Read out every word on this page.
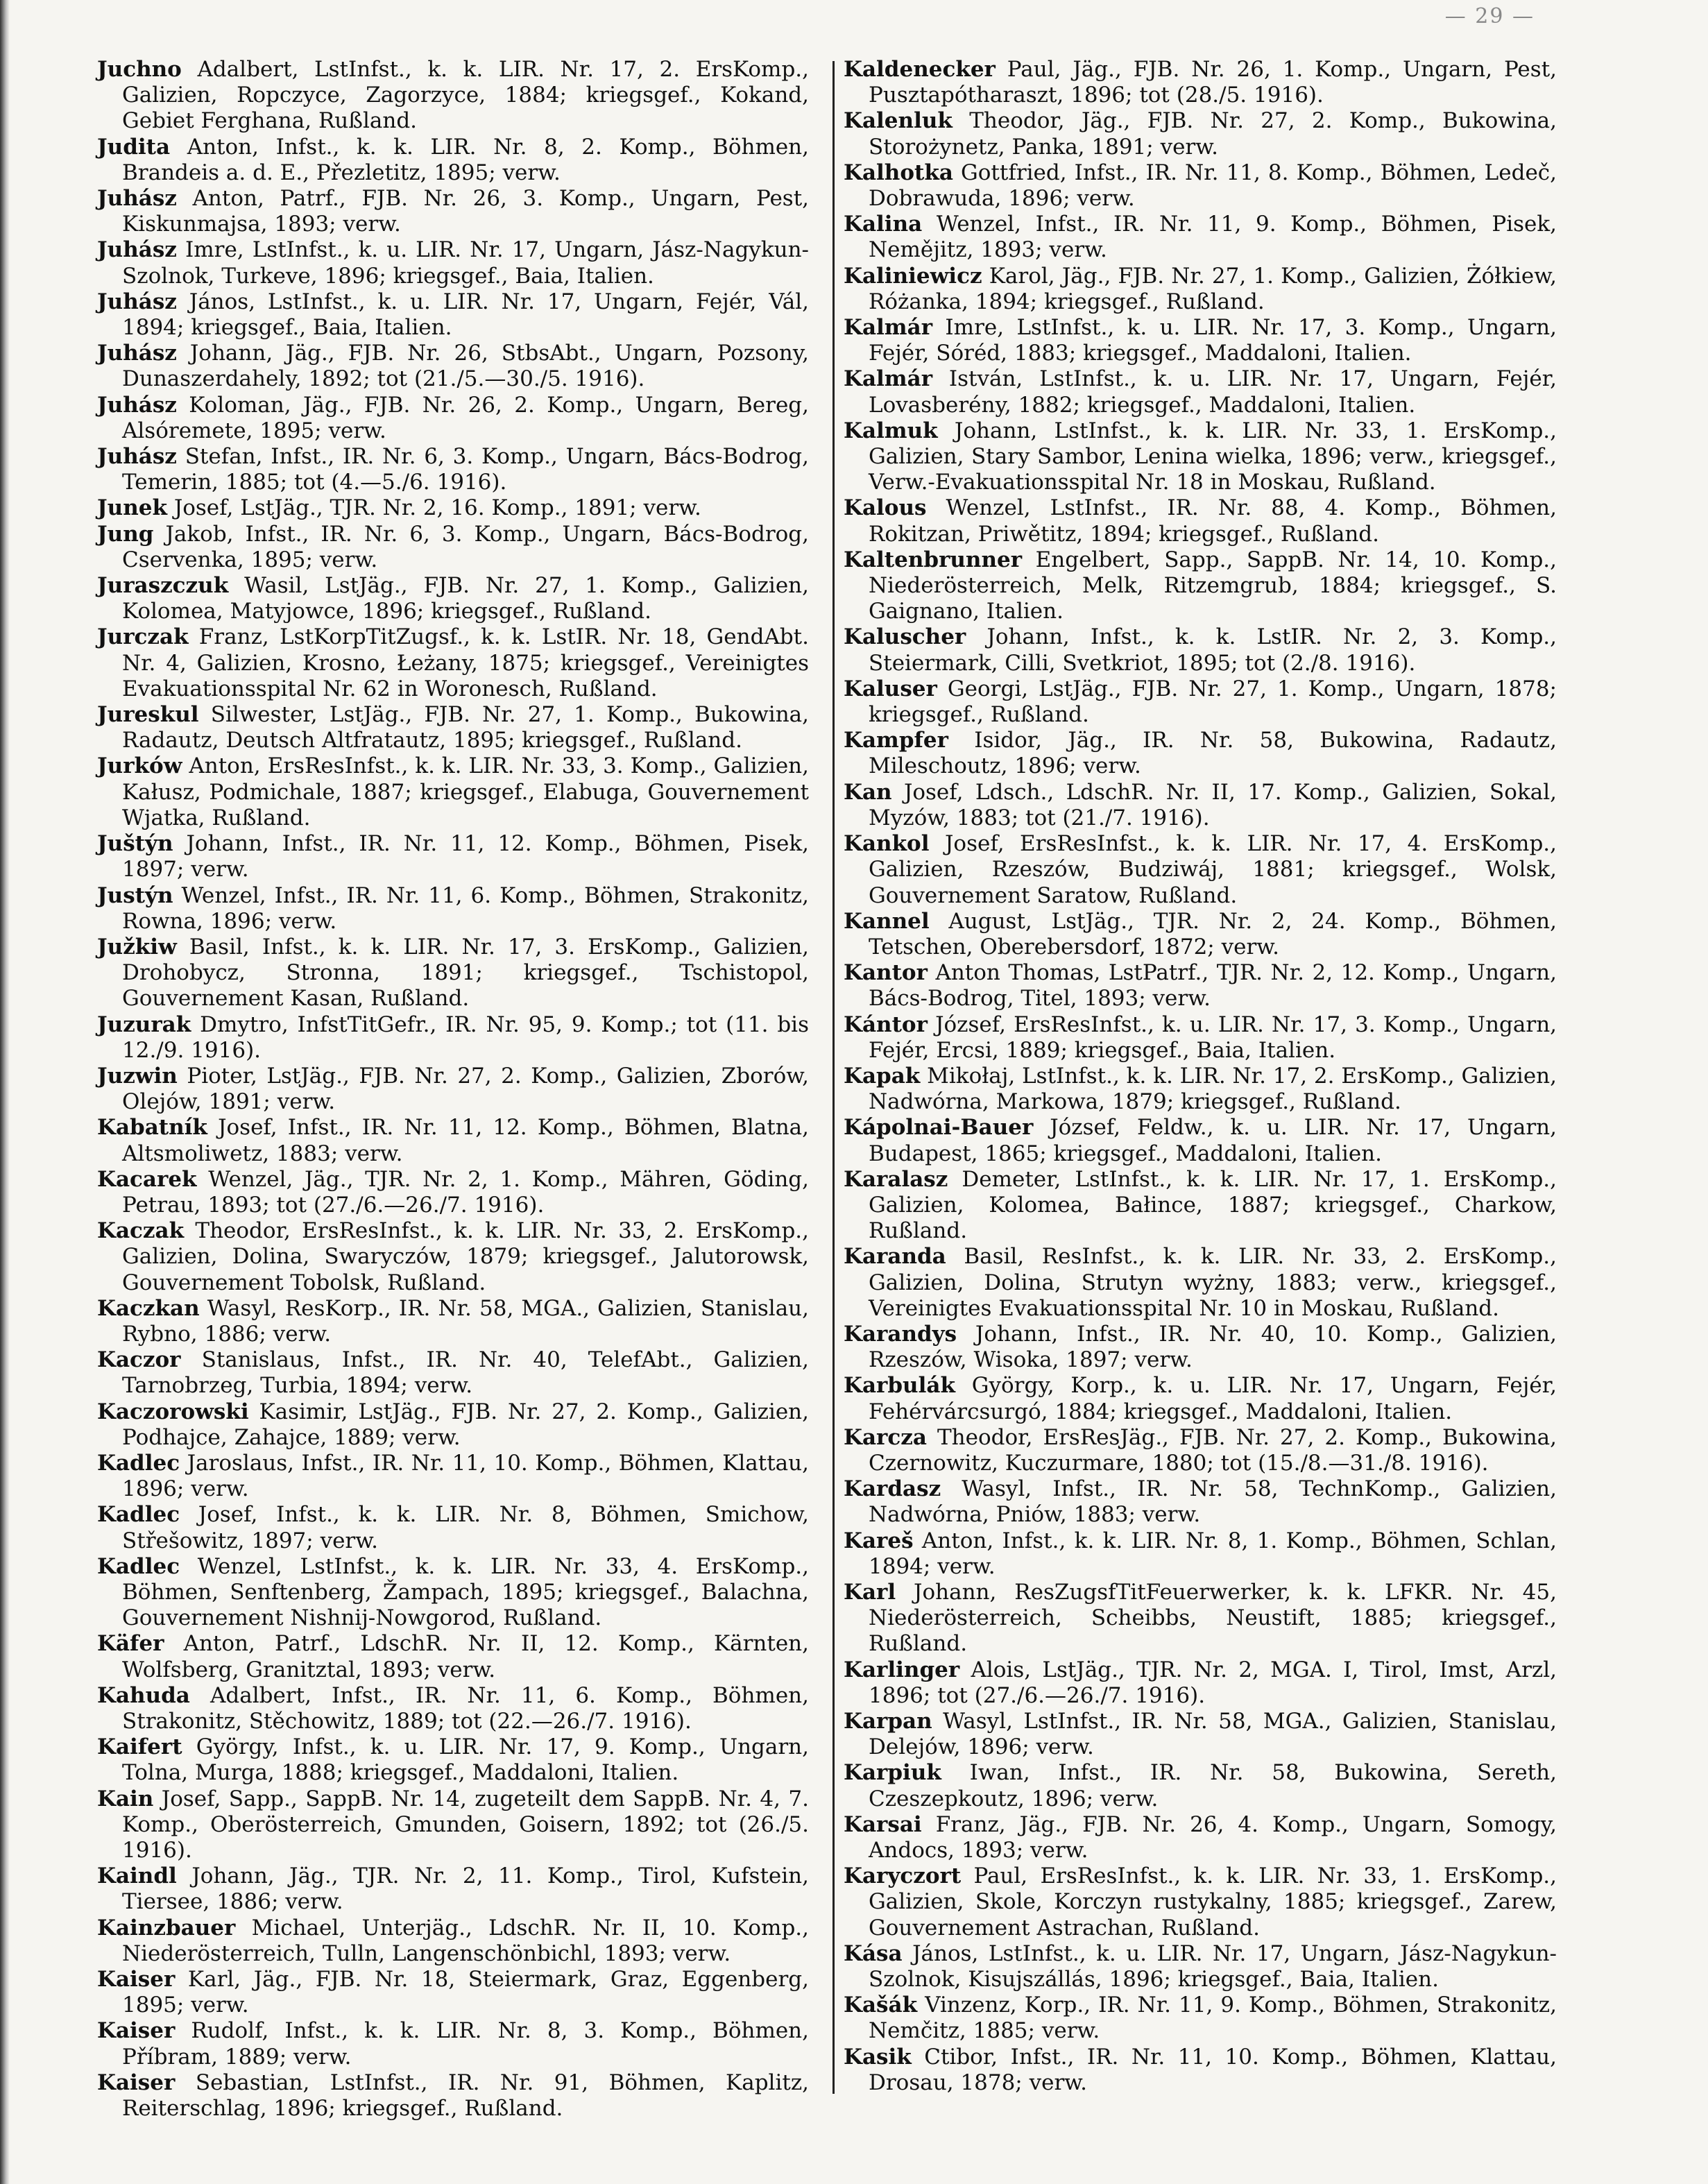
— 29 —

Juchno Adalbert, LstInfst., k. k. LIR. Nr. 17, 2. ErsKomp., Galizien, Ropczyce, Zagorzyce, 1884; kriegsgef., Kokand, Gebiet Ferghana, Rußland.

Judita Anton, Infst., k. k. LIR. Nr. 8, 2. Komp., Böhmen, Brandeis a. d. E., Přezletitz, 1895; verw.

Juhász Anton, Patrf., FJB. Nr. 26, 3. Komp., Ungarn, Pest, Kiskunmajsa, 1893; verw.

Juhász Imre, LstInfst., k. u. LIR. Nr. 17, Ungarn, Jász-Nagykun-Szolnok, Turkeve, 1896; kriegsgef., Baia, Italien.

Juhász János, LstInfst., k. u. LIR. Nr. 17, Ungarn, Fejér, Vál, 1894; kriegsgef., Baia, Italien.

Juhász Johann, Jäg., FJB. Nr. 26, StbsAbt., Ungarn, Pozsony, Dunaszerdahely, 1892; tot (21./5.—30./5. 1916).

Juhász Koloman, Jäg., FJB. Nr. 26, 2. Komp., Ungarn, Bereg, Alsóremete, 1895; verw.

Juhász Stefan, Infst., IR. Nr. 6, 3. Komp., Ungarn, Bács-Bodrog, Temerin, 1885; tot (4.—5./6. 1916).

Junek Josef, LstJäg., TJR. Nr. 2, 16. Komp., 1891; verw.

Jung Jakob, Infst., IR. Nr. 6, 3. Komp., Ungarn, Bács-Bodrog, Cservenka, 1895; verw.

Juraszczuk Wasil, LstJäg., FJB. Nr. 27, 1. Komp., Galizien, Kolomea, Matyjowce, 1896; kriegsgef., Rußland.

Jurczak Franz, LstKorpTitZugsf., k. k. LstIR. Nr. 18, GendAbt. Nr. 4, Galizien, Krosno, Łeżany, 1875; kriegsgef., Vereinigtes Evakuationsspital Nr. 62 in Woronesch, Rußland.

Jureskul Silwester, LstJäg., FJB. Nr. 27, 1. Komp., Bukowina, Radautz, Deutsch Altfratautz, 1895; kriegsgef., Rußland.

Jurków Anton, ErsResInfst., k. k. LIR. Nr. 33, 3. Komp., Galizien, Kałusz, Podmichale, 1887; kriegsgef., Elabuga, Gouvernement Wjatka, Rußland.

Juštýn Johann, Infst., IR. Nr. 11, 12. Komp., Böhmen, Pisek, 1897; verw.

Justýn Wenzel, Infst., IR. Nr. 11, 6. Komp., Böhmen, Strakonitz, Rowna, 1896; verw.

Južkiw Basil, Infst., k. k. LIR. Nr. 17, 3. ErsKomp., Galizien, Drohobycz, Stronna, 1891; kriegsgef., Tschistopol, Gouvernement Kasan, Rußland.

Juzurak Dmytro, InfstTitGefr., IR. Nr. 95, 9. Komp.; tot (11. bis 12./9. 1916).

Juzwin Pioter, LstJäg., FJB. Nr. 27, 2. Komp., Galizien, Zborów, Olejów, 1891; verw.

Kabatník Josef, Infst., IR. Nr. 11, 12. Komp., Böhmen, Blatna, Altsmoliwetz, 1883; verw.

Kacarek Wenzel, Jäg., TJR. Nr. 2, 1. Komp., Mähren, Göding, Petrau, 1893; tot (27./6.—26./7. 1916).

Kaczak Theodor, ErsResInfst., k. k. LIR. Nr. 33, 2. ErsKomp., Galizien, Dolina, Swaryczów, 1879; kriegsgef., Jalutorowsk, Gouvernement Tobolsk, Rußland.

Kaczkan Wasyl, ResKorp., IR. Nr. 58, MGA., Galizien, Stanislau, Rybno, 1886; verw.

Kaczor Stanislaus, Infst., IR. Nr. 40, TelefAbt., Galizien, Tarnobrzeg, Turbia, 1894; verw.

Kaczorowski Kasimir, LstJäg., FJB. Nr. 27, 2. Komp., Galizien, Podhajce, Zahajce, 1889; verw.

Kadlec Jaroslaus, Infst., IR. Nr. 11, 10. Komp., Böhmen, Klattau, 1896; verw.

Kadlec Josef, Infst., k. k. LIR. Nr. 8, Böhmen, Smichow, Střešowitz, 1897; verw.

Kadlec Wenzel, LstInfst., k. k. LIR. Nr. 33, 4. ErsKomp., Böhmen, Senftenberg, Žampach, 1895; kriegsgef., Balachna, Gouvernement Nishnij-Nowgorod, Rußland.

Käfer Anton, Patrf., LdschR. Nr. II, 12. Komp., Kärnten, Wolfsberg, Granitztal, 1893; verw.

Kahuda Adalbert, Infst., IR. Nr. 11, 6. Komp., Böhmen, Strakonitz, Stěchowitz, 1889; tot (22.—26./7. 1916).

Kaifert György, Infst., k. u. LIR. Nr. 17, 9. Komp., Ungarn, Tolna, Murga, 1888; kriegsgef., Maddaloni, Italien.

Kain Josef, Sapp., SappB. Nr. 14, zugeteilt dem SappB. Nr. 4, 7. Komp., Oberösterreich, Gmunden, Goisern, 1892; tot (26./5. 1916).

Kaindl Johann, Jäg., TJR. Nr. 2, 11. Komp., Tirol, Kufstein, Tiersee, 1886; verw.

Kainzbauer Michael, Unterjäg., LdschR. Nr. II, 10. Komp., Niederösterreich, Tulln, Langenschönbichl, 1893; verw.

Kaiser Karl, Jäg., FJB. Nr. 18, Steiermark, Graz, Eggenberg, 1895; verw.

Kaiser Rudolf, Infst., k. k. LIR. Nr. 8, 3. Komp., Böhmen, Příbram, 1889; verw.

Kaiser Sebastian, LstInfst., IR. Nr. 91, Böhmen, Kaplitz, Reiterschlag, 1896; kriegsgef., Rußland.

Kaldenecker Paul, Jäg., FJB. Nr. 26, 1. Komp., Ungarn, Pest, Pusztapótharaszt, 1896; tot (28./5. 1916).

Kalenluk Theodor, Jäg., FJB. Nr. 27, 2. Komp., Bukowina, Storożynetz, Panka, 1891; verw.

Kalhotka Gottfried, Infst., IR. Nr. 11, 8. Komp., Böhmen, Ledeč, Dobrawuda, 1896; verw.

Kalina Wenzel, Infst., IR. Nr. 11, 9. Komp., Böhmen, Pisek, Nemějitz, 1893; verw.

Kaliniewicz Karol, Jäg., FJB. Nr. 27, 1. Komp., Galizien, Żółkiew, Różanka, 1894; kriegsgef., Rußland.

Kalmár Imre, LstInfst., k. u. LIR. Nr. 17, 3. Komp., Ungarn, Fejér, Sóréd, 1883; kriegsgef., Maddaloni, Italien.

Kalmár István, LstInfst., k. u. LIR. Nr. 17, Ungarn, Fejér, Lovasberény, 1882; kriegsgef., Maddaloni, Italien.

Kalmuk Johann, LstInfst., k. k. LIR. Nr. 33, 1. ErsKomp., Galizien, Stary Sambor, Lenina wielka, 1896; verw., kriegsgef., Verw.-Evakuationsspital Nr. 18 in Moskau, Rußland.

Kalous Wenzel, LstInfst., IR. Nr. 88, 4. Komp., Böhmen, Rokitzan, Priwětitz, 1894; kriegsgef., Rußland.

Kaltenbrunner Engelbert, Sapp., SappB. Nr. 14, 10. Komp., Niederösterreich, Melk, Ritzemgrub, 1884; kriegsgef., S. Gaignano, Italien.

Kaluscher Johann, Infst., k. k. LstIR. Nr. 2, 3. Komp., Steiermark, Cilli, Svetkriot, 1895; tot (2./8. 1916).

Kaluser Georgi, LstJäg., FJB. Nr. 27, 1. Komp., Ungarn, 1878; kriegsgef., Rußland.

Kampfer Isidor, Jäg., IR. Nr. 58, Bukowina, Radautz, Mileschoutz, 1896; verw.

Kan Josef, Ldsch., LdschR. Nr. II, 17. Komp., Galizien, Sokal, Myzów, 1883; tot (21./7. 1916).

Kankol Josef, ErsResInfst., k. k. LIR. Nr. 17, 4. ErsKomp., Galizien, Rzeszów, Budziwáj, 1881; kriegsgef., Wolsk, Gouvernement Saratow, Rußland.

Kannel August, LstJäg., TJR. Nr. 2, 24. Komp., Böhmen, Tetschen, Oberebersdorf, 1872; verw.

Kantor Anton Thomas, LstPatrf., TJR. Nr. 2, 12. Komp., Ungarn, Bács-Bodrog, Titel, 1893; verw.

Kántor József, ErsResInfst., k. u. LIR. Nr. 17, 3. Komp., Ungarn, Fejér, Ercsi, 1889; kriegsgef., Baia, Italien.

Kapak Mikołaj, LstInfst., k. k. LIR. Nr. 17, 2. ErsKomp., Galizien, Nadwórna, Markowa, 1879; kriegsgef., Rußland.

Kápolnai-Bauer József, Feldw., k. u. LIR. Nr. 17, Ungarn, Budapest, 1865; kriegsgef., Maddaloni, Italien.

Karalasz Demeter, LstInfst., k. k. LIR. Nr. 17, 1. ErsKomp., Galizien, Kolomea, Bałince, 1887; kriegsgef., Charkow, Rußland.

Karanda Basil, ResInfst., k. k. LIR. Nr. 33, 2. ErsKomp., Galizien, Dolina, Strutyn wyżny, 1883; verw., kriegsgef., Vereinigtes Evakuationsspital Nr. 10 in Moskau, Rußland.

Karandys Johann, Infst., IR. Nr. 40, 10. Komp., Galizien, Rzeszów, Wisoka, 1897; verw.

Karbulák György, Korp., k. u. LIR. Nr. 17, Ungarn, Fejér, Fehérvárcsurgó, 1884; kriegsgef., Maddaloni, Italien.

Karcza Theodor, ErsResJäg., FJB. Nr. 27, 2. Komp., Bukowina, Czernowitz, Kuczurmare, 1880; tot (15./8.—31./8. 1916).

Kardasz Wasyl, Infst., IR. Nr. 58, TechnKomp., Galizien, Nadwórna, Pniów, 1883; verw.

Kareš Anton, Infst., k. k. LIR. Nr. 8, 1. Komp., Böhmen, Schlan, 1894; verw.

Karl Johann, ResZugsfTitFeuerwerker, k. k. LFKR. Nr. 45, Niederösterreich, Scheibbs, Neustift, 1885; kriegsgef., Rußland.

Karlinger Alois, LstJäg., TJR. Nr. 2, MGA. I, Tirol, Imst, Arzl, 1896; tot (27./6.—26./7. 1916).

Karpan Wasyl, LstInfst., IR. Nr. 58, MGA., Galizien, Stanislau, Delejów, 1896; verw.

Karpiuk Iwan, Infst., IR. Nr. 58, Bukowina, Sereth, Czeszepkoutz, 1896; verw.

Karsai Franz, Jäg., FJB. Nr. 26, 4. Komp., Ungarn, Somogy, Andocs, 1893; verw.

Karyczort Paul, ErsResInfst., k. k. LIR. Nr. 33, 1. ErsKomp., Galizien, Skole, Korczyn rustykalny, 1885; kriegsgef., Zarew, Gouvernement Astrachan, Rußland.

Kása János, LstInfst., k. u. LIR. Nr. 17, Ungarn, Jász-Nagykun-Szolnok, Kisujszállás, 1896; kriegsgef., Baia, Italien.

Kašák Vinzenz, Korp., IR. Nr. 11, 9. Komp., Böhmen, Strakonitz, Nemčitz, 1885; verw.

Kasik Ctibor, Infst., IR. Nr. 11, 10. Komp., Böhmen, Klattau, Drosau, 1878; verw.
